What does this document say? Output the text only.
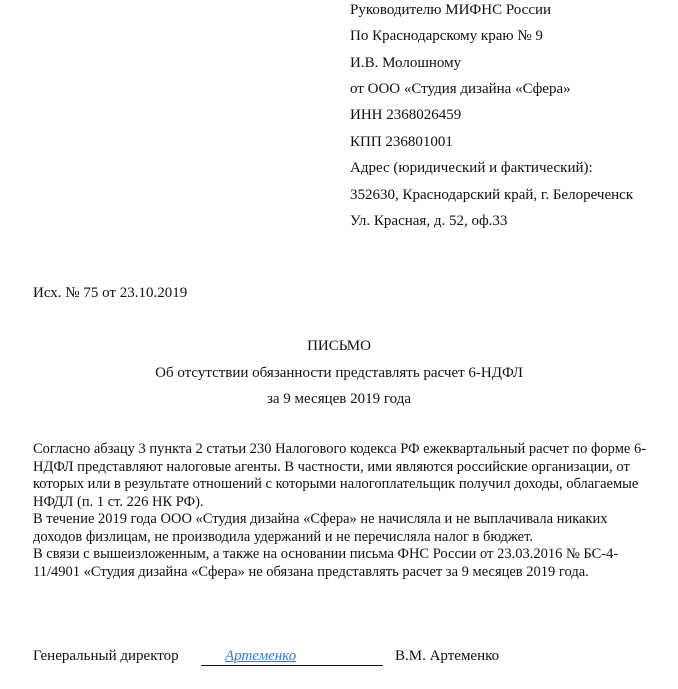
Руководителю МИФНС России
По Краснодарскому краю № 9
И.В. Молошному
от ООО «Студия дизайна «Сфера»
ИНН 2368026459
КПП 236801001
Адрес (юридический и фактический):
352630, Краснодарский край, г. Белореченск
Ул. Красная, д. 52, оф.33
Исх. № 75 от 23.10.2019
ПИСЬМО
Об отсутствии обязанности представлять расчет 6-НДФЛ
за 9 месяцев 2019 года

Согласно абзацу 3 пункта 2 статьи 230 Налогового кодекса РФ ежеквартальный расчет по форме 6-НДФЛ представляют налоговые агенты. В частности, ими являются российские организации, от которых или в результате отношений с которыми налогоплательщик получил доходы, облагаемые НФДЛ (п. 1 ст. 226 НК РФ).

В течение 2019 года ООО «Студия дизайна «Сфера» не начисляла и не выплачивала никаких доходов физлицам, не производила удержаний и не перечисляла налог в бюджет.

В связи с вышеизложенным, а также на основании письма ФНС России от 23.03.2016 № БС-4-11/4901 «Студия дизайна «Сфера» не обязана представлять расчет за 9 месяцев 2019 года.

Генеральный директор	Артеменко	В.М. Артеменко
